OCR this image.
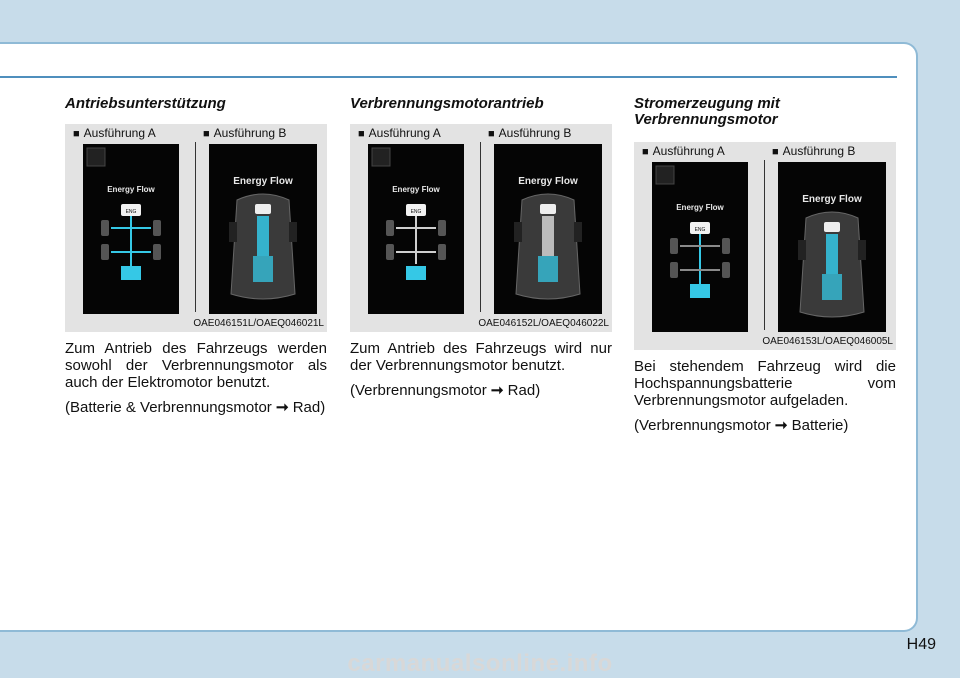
Antriebsunterstützung
■ Ausführung A	■ Ausführung B
Energy Flow
ENG
Energy Flow
OAE046151L/OAEQ046021L

Zum Antrieb des Fahrzeugs werden sowohl der Verbrennungsmotor als auch der Elektromotor benutzt.

(Batterie & Verbrennungsmotor ➞ Rad)

Verbrennungsmotorantrieb
■ Ausführung A	■ Ausführung B
Energy Flow
ENG
Energy Flow
OAE046152L/OAEQ046022L

Zum Antrieb des Fahrzeugs wird nur der Verbrennungsmotor benutzt.

(Verbrennungsmotor ➞ Rad)

Stromerzeugung mit Verbrennungsmotor
■ Ausführung A	■ Ausführung B
Energy Flow
ENG
Energy Flow
OAE046153L/OAEQ046005L

Bei stehendem Fahrzeug wird die Hochspannungsbatterie vom Verbrennungsmotor aufgeladen.

(Verbrennungsmotor ➞ Batterie)

H49
carmanualsonline.info
